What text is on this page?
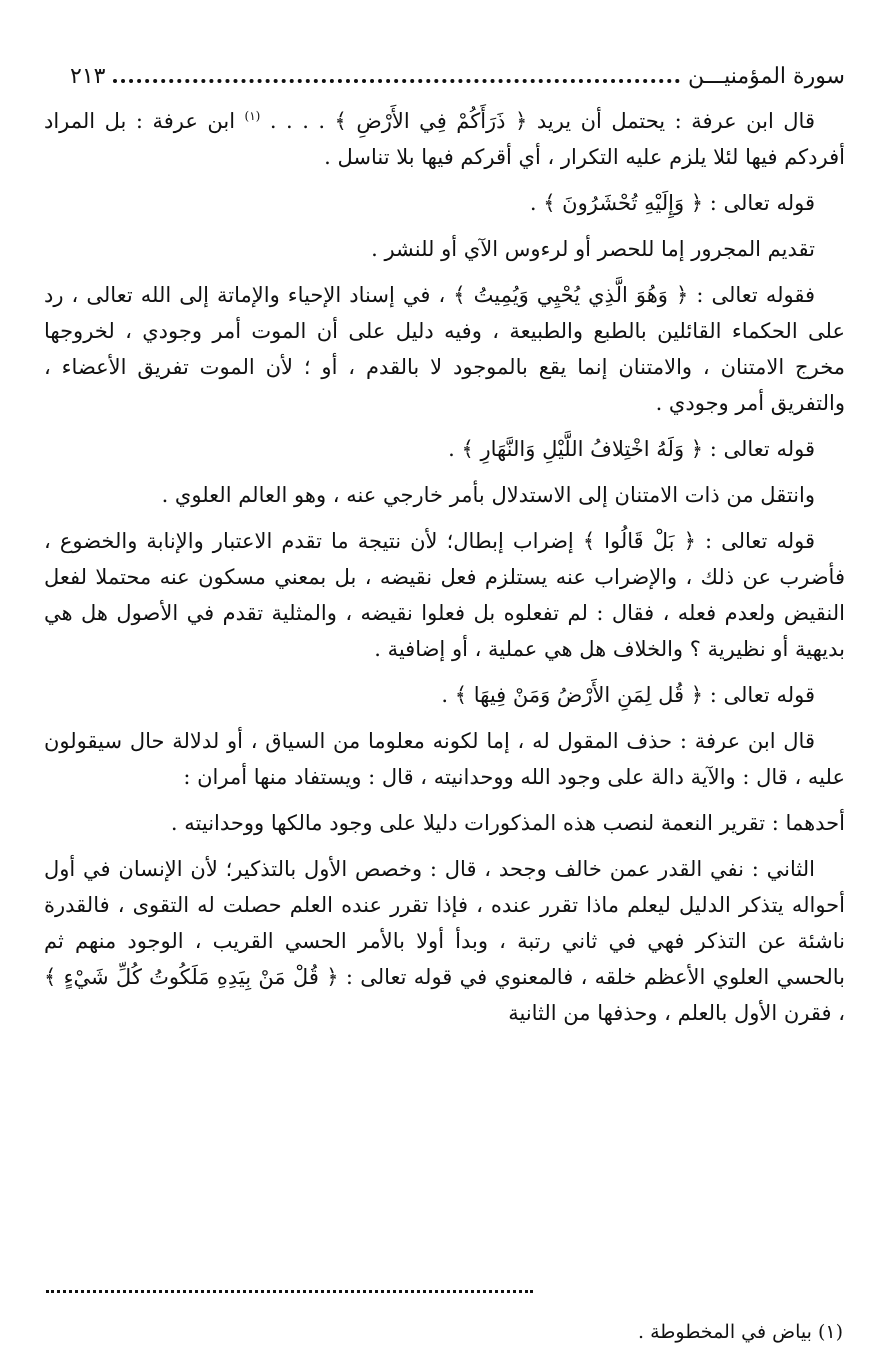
سورة المؤمنيـــن
٢١٣

قال ابن عرفة : يحتمل أن يريد ﴿ ذَرَأَكُمْ فِي الأَرْضِ ﴾ . . . . $^{(١)}$ ابن عرفة : بل المراد أفردكم فيها لئلا يلزم عليه التكرار ، أي أقركم فيها بلا تناسل .

قوله تعالى : ﴿ وَإِلَيْهِ تُحْشَرُونَ ﴾ .

تقديم المجرور إما للحصر أو لرءوس الآي أو للنشر .

فقوله تعالى : ﴿ وَهُوَ الَّذِي يُحْيِي وَيُمِيتُ ﴾ ، في إسناد الإحياء والإماتة إلى الله تعالى ، رد على الحكماء القائلين بالطبع والطبيعة ، وفيه دليل على أن الموت أمر وجودي ، لخروجها مخرج الامتنان ، والامتنان إنما يقع بالموجود لا بالقدم ، أو ؛ لأن الموت تفريق الأعضاء ، والتفريق أمر وجودي .

قوله تعالى : ﴿ وَلَهُ اخْتِلافُ اللَّيْلِ وَالنَّهَارِ ﴾ .

وانتقل من ذات الامتنان إلى الاستدلال بأمر خارجي عنه ، وهو العالم العلوي .

قوله تعالى : ﴿ بَلْ قَالُوا ﴾ إضراب إبطال؛ لأن نتيجة ما تقدم الاعتبار والإنابة والخضوع ، فأضرب عن ذلك ، والإضراب عنه يستلزم فعل نقيضه ، بل بمعني مسكون عنه محتملا لفعل النقيض ولعدم فعله ، فقال : لم تفعلوه بل فعلوا نقيضه ، والمثلية تقدم في الأصول هل هي بديهية أو نظيرية ؟ والخلاف هل هي عملية ، أو إضافية .

قوله تعالى : ﴿ قُل لِمَنِ الأَرْضُ وَمَنْ فِيهَا ﴾ .

قال ابن عرفة : حذف المقول له ، إما لكونه معلوما من السياق ، أو لدلالة حال سيقولون عليه ، قال : والآية دالة على وجود الله ووحدانيته ، قال : ويستفاد منها أمران :

أحدهما : تقرير النعمة لنصب هذه المذكورات دليلا على وجود مالكها ووحدانيته .

الثاني : نفي القدر عمن خالف وجحد ، قال : وخصص الأول بالتذكير؛ لأن الإنسان في أول أحواله يتذكر الدليل ليعلم ماذا تقرر عنده ، فإذا تقرر عنده العلم حصلت له التقوى ، فالقدرة ناشئة عن التذكر فهي في ثاني رتبة ، وبدأ أولا بالأمر الحسي القريب ، الوجود منهم ثم بالحسي العلوي الأعظم خلقه ، فالمعنوي في قوله تعالى : ﴿ قُلْ مَنْ بِيَدِهِ مَلَكُوتُ كُلِّ شَيْءٍ ﴾ ، فقرن الأول بالعلم ، وحذفها من الثانية

(١) بياض في المخطوطة .
